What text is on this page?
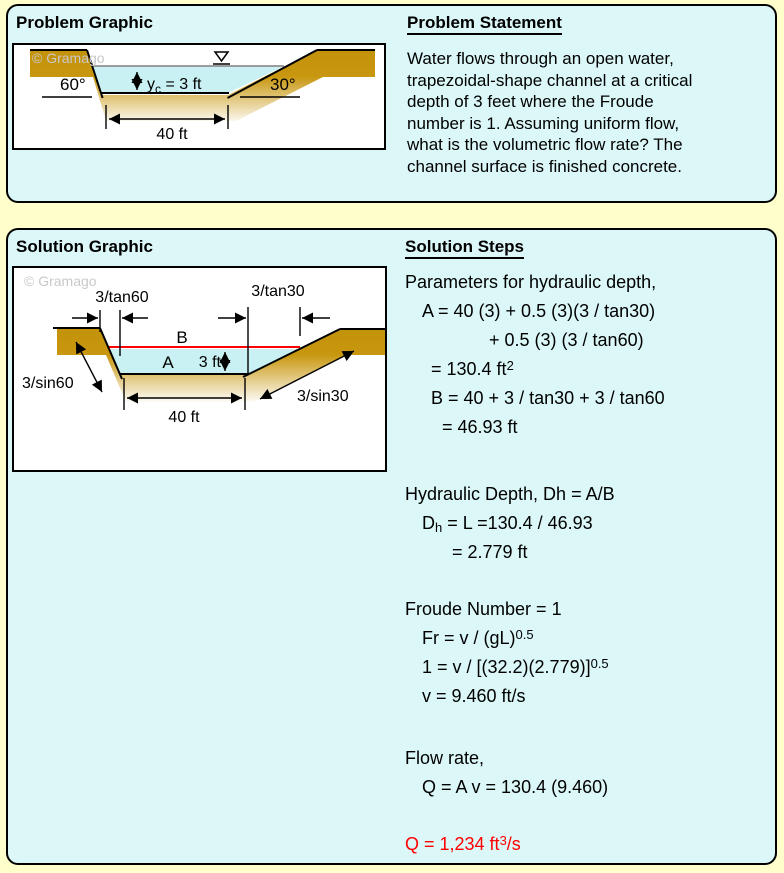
Problem Graphic
$y_c = 3$ ft
40 ft
60°	30°
© Gramago
Problem Statement
Water flows through an open water,
trapezoidal-shape channel at a critical
depth of 3 feet where the Froude
number is 1. Assuming uniform flow,
what is the volumetric flow rate? The
channel surface is finished concrete.
Solution Graphic
3/tan60	3/tan30
B
A 3 ft
3/sin60
3/sin30
40 ft
© Gramago
Solution Steps
Parameters for hydraulic depth,
A = 40 (3) + 0.5 (3)(3 / tan30)
+ 0.5 (3) (3 / tan60)
= 130.4 $ft^2$
B = 40 + 3 / tan30 + 3 / tan60
= 46.93 ft
Hydraulic Depth, Dh = A/B
$D_h = L =130.4 / 46.93$
= 2.779 ft
Froude Number = 1
Fr = v / (gL)$^{0.5}$
$1 = v / [(32.2)(2.779)]^{0.5}$
v = 9.460 ft/s
Flow rate,
Q = A v = 130.4 (9.460)
Q = 1,234 $ft^3/s$
